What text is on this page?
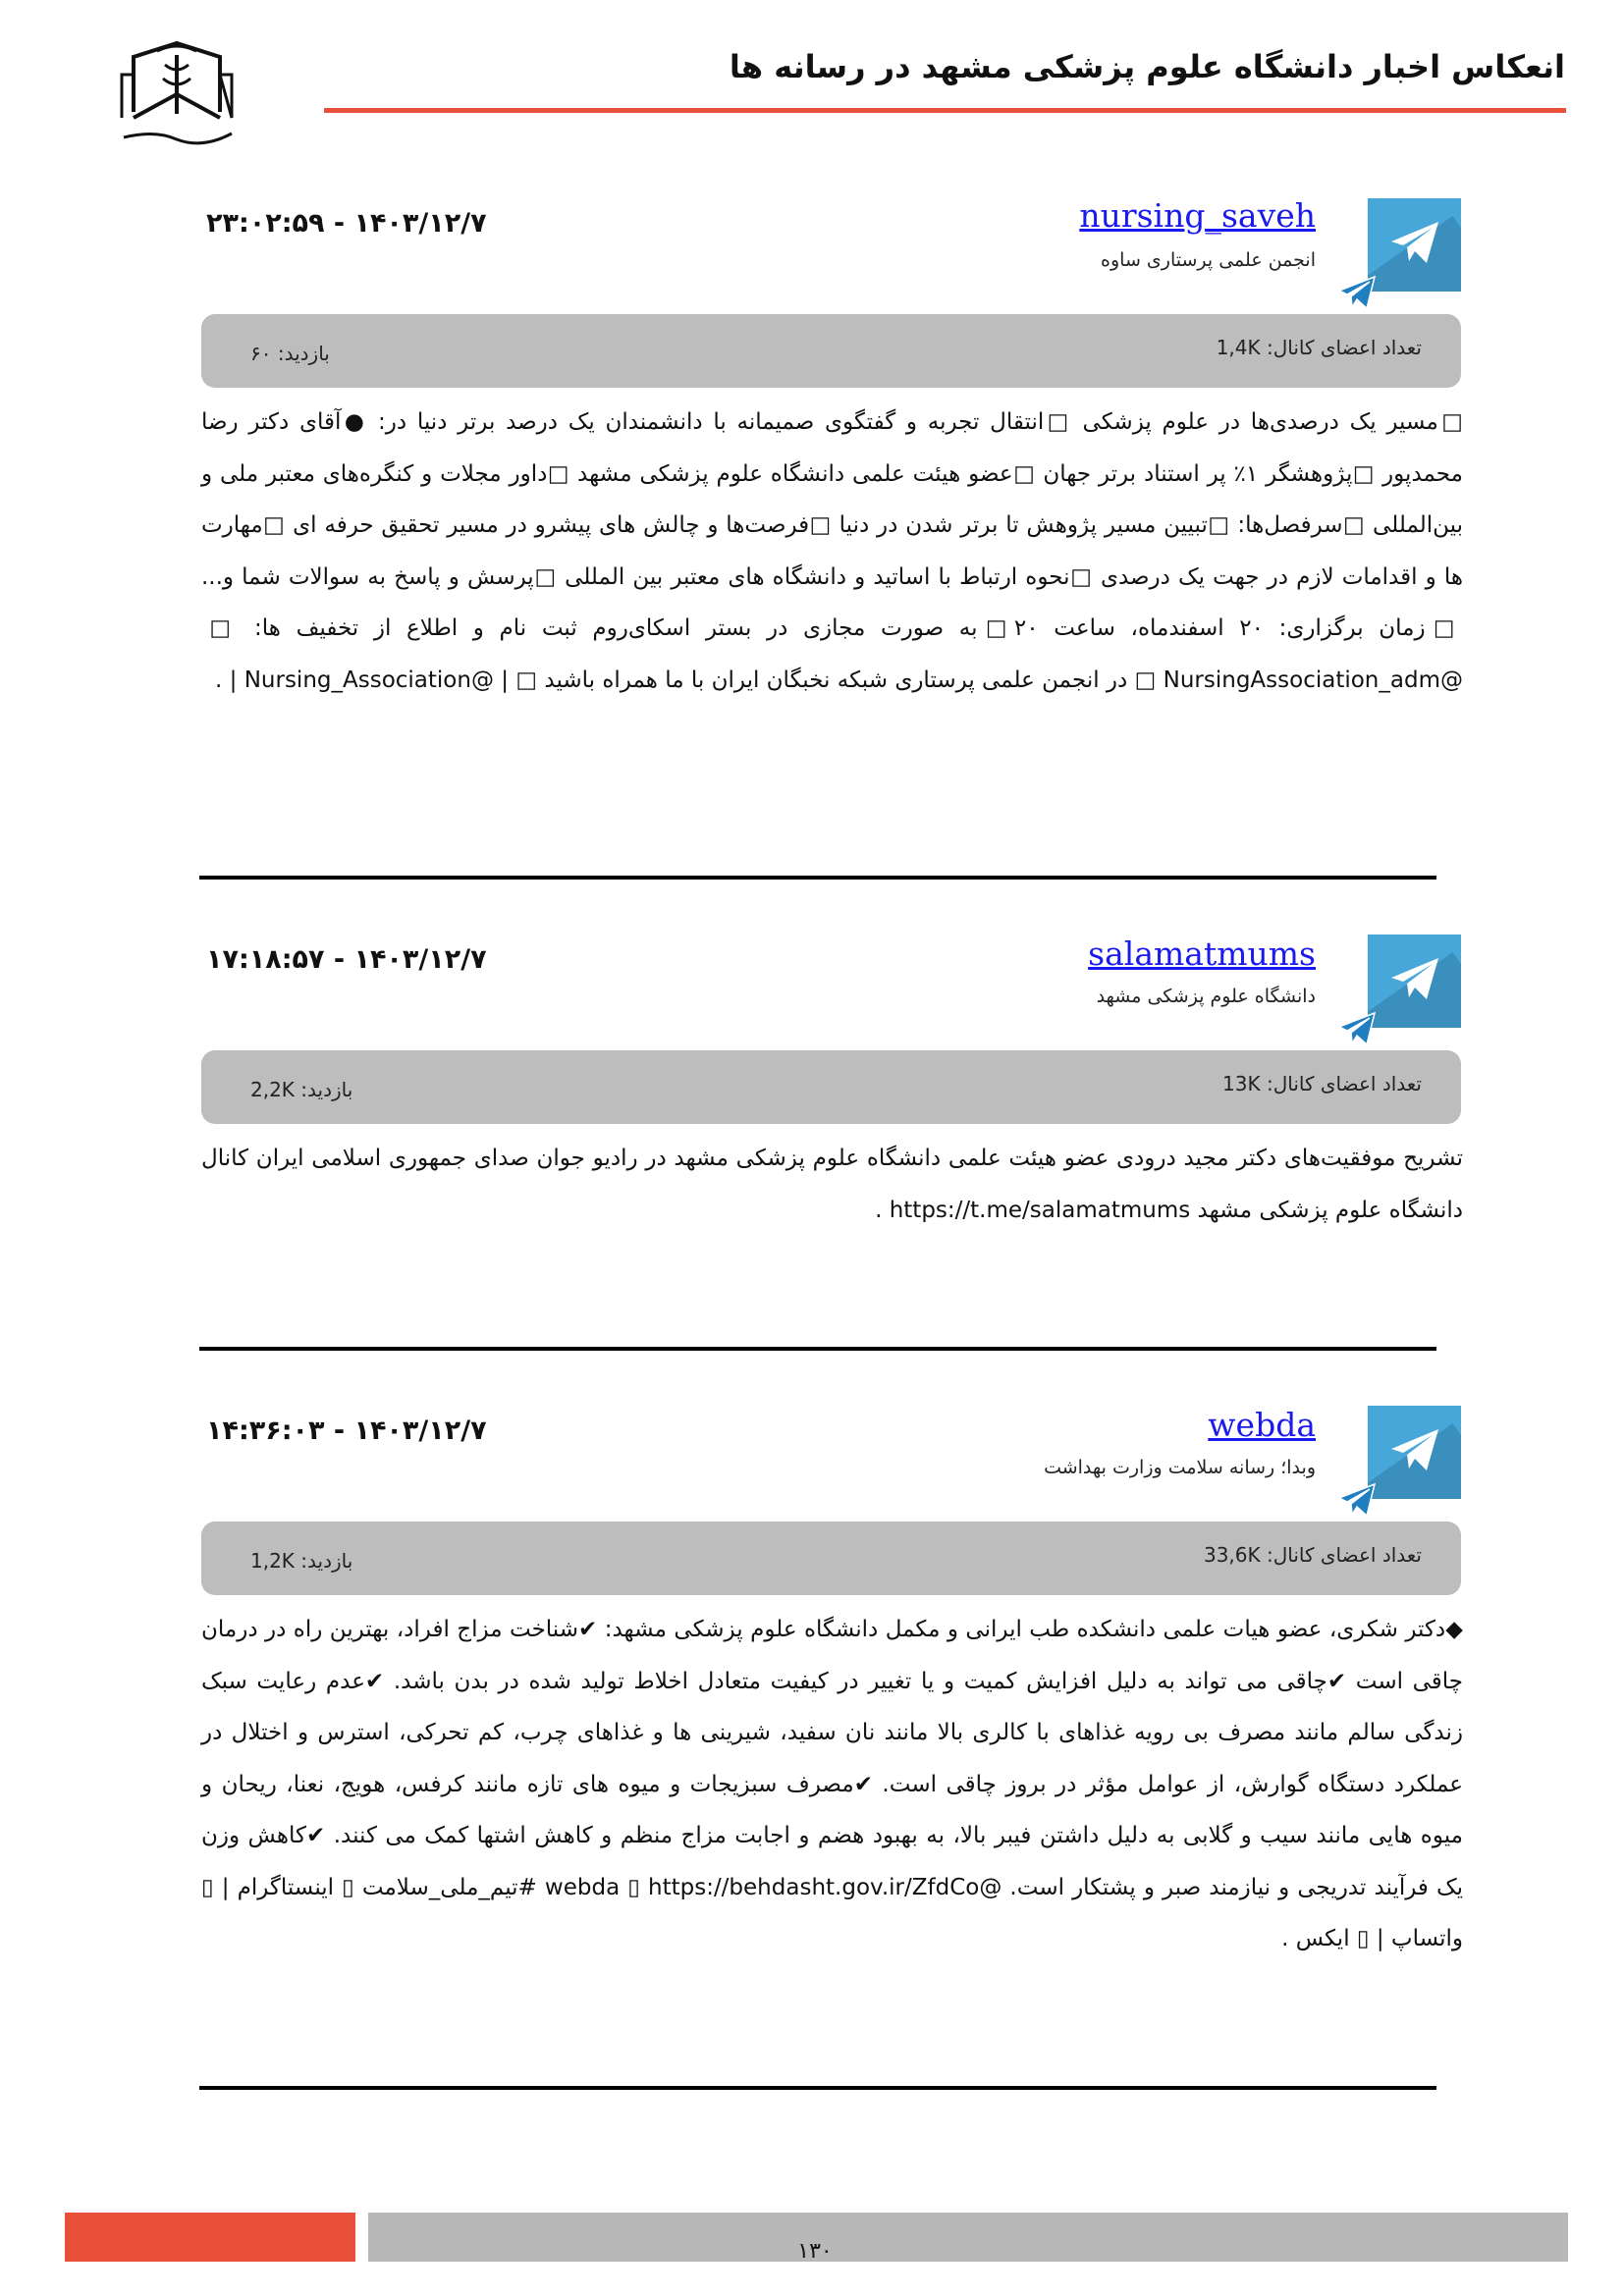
انعکاس اخبار دانشگاه علوم پزشکی مشهد در رسانه ها
nursing_saveh
انجمن علمی پرستاری ساوه
۲۳:۰۲:۵۹ - ۱۴۰۳/۱۲/۷
تعداد اعضای کانال: 1,4K
بازدید: ۶۰
□مسیر یک درصدی‌ها در علوم پزشکی □انتقال تجربه و گفتگوی صمیمانه با دانشمندان یک درصد برتر دنیا در: ●آقای دکتر رضا محمدپور □پژوهشگر ۱٪ پر استناد برتر جهان □عضو هیئت علمی دانشگاه علوم پزشکی مشهد □داور مجلات و کنگره‌های معتبر ملی و بین‌المللی □سرفصل‌ها: □تبیین مسیر پژوهش تا برتر شدن در دنیا □فرصت‌ها و چالش های پیشرو در مسیر تحقیق حرفه ای □مهارت ها و اقدامات لازم در جهت یک درصدی □نحوه ارتباط با اساتید و دانشگاه های معتبر بین المللی □پرسش و پاسخ به سوالات شما و... □زمان برگزاری: ۲۰ اسفندماه، ساعت ۲۰ □به صورت مجازی در بستر اسکای‌روم ثبت نام و اطلاع از تخفیف ها: □ @NursingAssociation_adm □ در انجمن علمی پرستاری شبکه نخبگان ایران با ما همراه باشید □ | @Nursing_Association | .
salamatmums
دانشگاه علوم پزشکی مشهد
۱۷:۱۸:۵۷ - ۱۴۰۳/۱۲/۷
تعداد اعضای کانال: 13K
بازدید: 2,2K
تشریح موفقیت‌های دکتر مجید درودی عضو هیئت علمی دانشگاه علوم پزشکی مشهد در رادیو جوان صدای جمهوری اسلامی ایران کانال دانشگاه علوم پزشکی مشهد https://t.me/salamatmums .
webda
وبدا؛ رسانه سلامت وزارت بهداشت
۱۴:۳۶:۰۳ - ۱۴۰۳/۱۲/۷
تعداد اعضای کانال: 33,6K
بازدید: 1,2K
◆دکتر شکری، عضو هیات علمی دانشکده طب ایرانی و مکمل دانشگاه علوم پزشکی مشهد: ✔شناخت مزاج افراد، بهترین راه در درمان چاقی است ✔چاقی می تواند به دلیل افزایش کمیت و یا تغییر در کیفیت متعادل اخلاط تولید شده در بدن باشد. ✔عدم رعایت سبک زندگی سالم مانند مصرف بی رویه غذاهای با کالری بالا مانند نان سفید، شیرینی ها و غذاهای چرب، کم تحرکی، استرس و اختلال در عملکرد دستگاه گوارش، از عوامل مؤثر در بروز چاقی است. ✔مصرف سبزیجات و میوه های تازه مانند کرفس، هویج، نعنا، ریحان و میوه هایی مانند سیب و گلابی به دلیل داشتن فیبر بالا، به بهبود هضم و اجابت مزاج منظم و کاهش اشتها کمک می کنند. ✔کاهش وزن یک فرآیند تدریجی و نیازمند صبر و پشتکار است. @webda ▯ https://behdasht.gov.ir/ZfdCo #تیم_ملی_سلامت ▯ اینستاگرام | ▯ واتساپ | ▯ ایکس .
۱۳۰
